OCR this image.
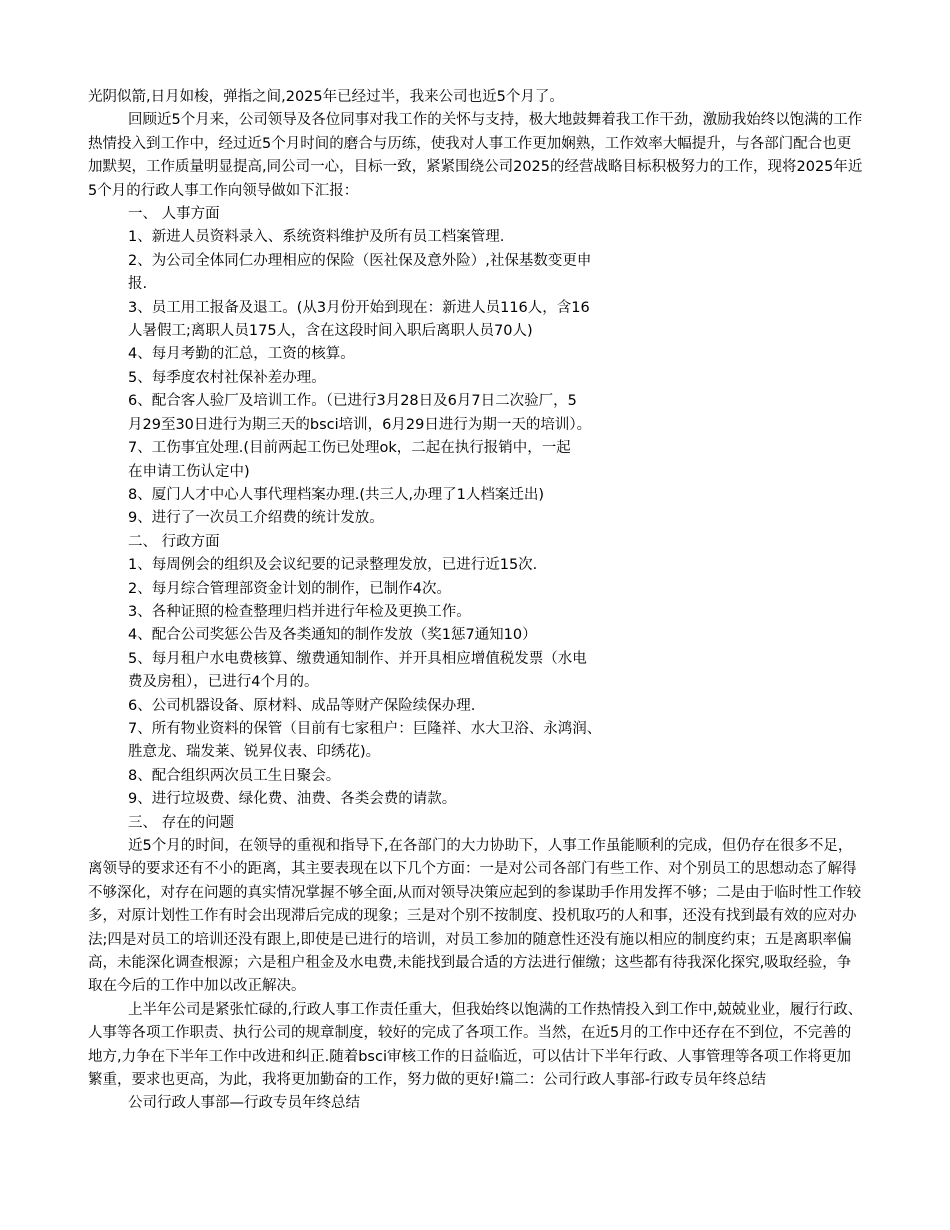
光阴似箭,日月如梭，弹指之间,2025年已经过半，我来公司也近5个月了。

回顾近5个月来，公司领导及各位同事对我工作的关怀与支持，极大地鼓舞着我工作干劲，激励我始终以饱满的工作热情投入到工作中，经过近5个月时间的磨合与历练，使我对人事工作更加娴熟，工作效率大幅提升，与各部门配合也更加默契，工作质量明显提高,同公司一心，目标一致，紧紧围绕公司2025的经营战略目标积极努力的工作，现将2025年近5个月的行政人事工作向领导做如下汇报：

一、 人事方面

1、新进人员资料录入、系统资料维护及所有员工档案管理.

2、为公司全体同仁办理相应的保险（医社保及意外险）,社保基数变更申

报.

3、员工用工报备及退工。(从3月份开始到现在：新进人员116人，含16

人暑假工;离职人员175人，含在这段时间入职后离职人员70人)

4、每月考勤的汇总，工资的核算。

5、每季度农村社保补差办理。

6、配合客人验厂及培训工作。（已进行3月28日及6月7日二次验厂，5

月29至30日进行为期三天的bsci培训，6月29日进行为期一天的培训）。

7、工伤事宜处理.(目前两起工伤已处理ok，二起在执行报销中，一起

在申请工伤认定中)

8、厦门人才中心人事代理档案办理.(共三人,办理了1人档案迁出)

9、进行了一次员工介绍费的统计发放。

二、 行政方面

1、每周例会的组织及会议纪要的记录整理发放，已进行近15次.

2、每月综合管理部资金计划的制作，已制作4次。

3、各种证照的检查整理归档并进行年检及更换工作。

4、配合公司奖惩公告及各类通知的制作发放（奖1惩7通知10）

5、每月租户水电费核算、缴费通知制作、并开具相应增值税发票（水电

费及房租），已进行4个月的。

6、公司机器设备、原材料、成品等财产保险续保办理.

7、所有物业资料的保管（目前有七家租户：巨隆祥、水大卫浴、永鸿润、

胜意龙、瑞发莱、锐昇仪表、印绣花)。

8、配合组织两次员工生日聚会。

9、进行垃圾费、绿化费、油费、各类会费的请款。

三、 存在的问题

近5个月的时间，在领导的重视和指导下,在各部门的大力协助下，人事工作虽能顺利的完成，但仍存在很多不足，离领导的要求还有不小的距离，其主要表现在以下几个方面：一是对公司各部门有些工作、对个别员工的思想动态了解得不够深化，对存在问题的真实情况掌握不够全面,从而对领导决策应起到的参谋助手作用发挥不够；二是由于临时性工作较多，对原计划性工作有时会出现滞后完成的现象；三是对个别不按制度、投机取巧的人和事，还没有找到最有效的应对办法;四是对员工的培训还没有跟上,即使是已进行的培训，对员工参加的随意性还没有施以相应的制度约束；五是离职率偏高，未能深化调查根源；六是租户租金及水电费,未能找到最合适的方法进行催缴；这些都有待我深化探究,吸取经验，争取在今后的工作中加以改正解决。

上半年公司是紧张忙碌的,行政人事工作责任重大，但我始终以饱满的工作热情投入到工作中,兢兢业业，履行行政、人事等各项工作职责、执行公司的规章制度，较好的完成了各项工作。当然，在近5月的工作中还存在不到位，不完善的地方,力争在下半年工作中改进和纠正.随着bsci审核工作的日益临近，可以估计下半年行政、人事管理等各项工作将更加繁重，要求也更高，为此，我将更加勤奋的工作，努力做的更好!篇二：公司行政人事部-行政专员年终总结

公司行政人事部—行政专员年终总结
